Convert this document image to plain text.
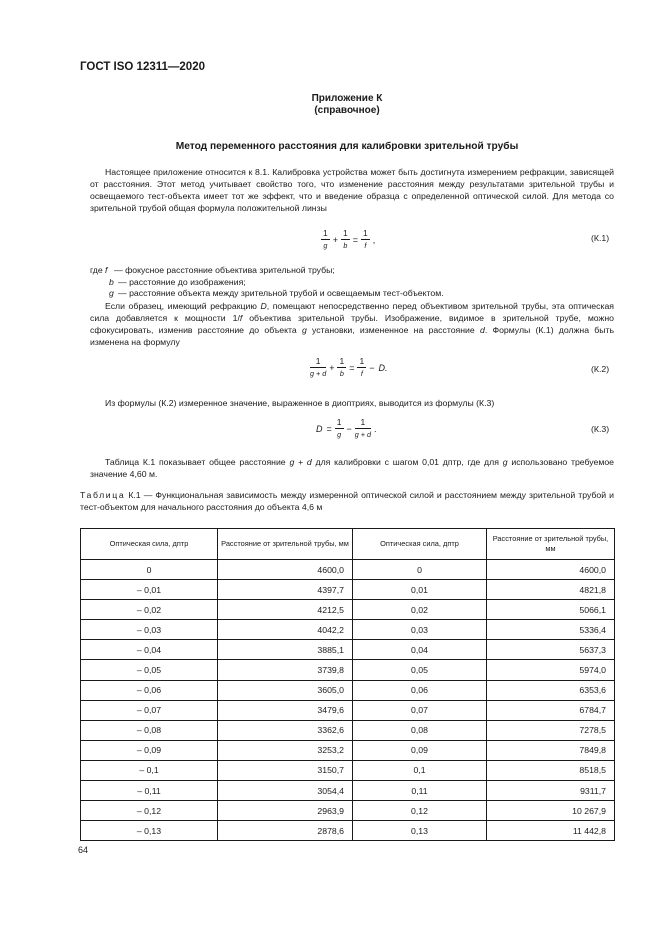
ГОСТ ISO 12311—2020
Приложение К
(справочное)
Метод переменного расстояния для калибровки зрительной трубы
Настоящее приложение относится к 8.1. Калибровка устройства может быть достигнута измерением рефракции, зависящей от расстояния. Этот метод учитывает свойство того, что изменение расстояния между результатами зрительной трубы и освещаемого тест-объекта имеет тот же эффект, что и введение образца с определенной оптической силой. Для метода со зрительной трубой общая формула положительной линзы
$\frac{1}{g} + \frac{1}{b} = \frac{1}{f}$ ,	(К.1)
где f — фокусное расстояние объектива зрительной трубы;
b — расстояние до изображения;
g — расстояние объекта между зрительной трубой и освещаемым тест-объектом.
Если образец, имеющий рефракцию D, помещают непосредственно перед объективом зрительной трубы, эта оптическая сила добавляется к мощности 1/f объектива зрительной трубы. Изображение, видимое в зрительной трубе, можно сфокусировать, изменив расстояние до объекта g установки, измененное на расстояние d. Формулы (К.1) должна быть изменена на формулу
$\frac{1}{g + d} + \frac{1}{b} = \frac{1}{f} - D$.	(К.2)
Из формулы (К.2) измеренное значение, выраженное в диоптриях, выводится из формулы (К.3)
$D = \frac{1}{g} - \frac{1}{g + d}$ .	(К.3)
Таблица К.1 показывает общее расстояние g + d для калибровки с шагом 0,01 дптр, где для g использовано требуемое значение 4,60 м.
Таблица К.1 — Функциональная зависимость между измеренной оптической силой и расстоянием между зрительной трубой и тест-объектом для начального расстояния до объекта 4,6 м
Оптическая сила, дптр	Расстояние от зрительной трубы, мм	Оптическая сила, дптр	Расстояние от зрительной трубы, мм
0	4600,0	0	4600,0
– 0,01	4397,7	0,01	4821,8
– 0,02	4212,5	0,02	5066,1
– 0,03	4042,2	0,03	5336,4
– 0,04	3885,1	0,04	5637,3
– 0,05	3739,8	0,05	5974,0
– 0,06	3605,0	0,06	6353,6
– 0,07	3479,6	0,07	6784,7
– 0,08	3362,6	0,08	7278,5
– 0,09	3253,2	0,09	7849,8
– 0,1	3150,7	0,1	8518,5
– 0,11	3054,4	0,11	9311,7
– 0,12	2963,9	0,12	10 267,9
– 0,13	2878,6	0,13	11 442,8
64
